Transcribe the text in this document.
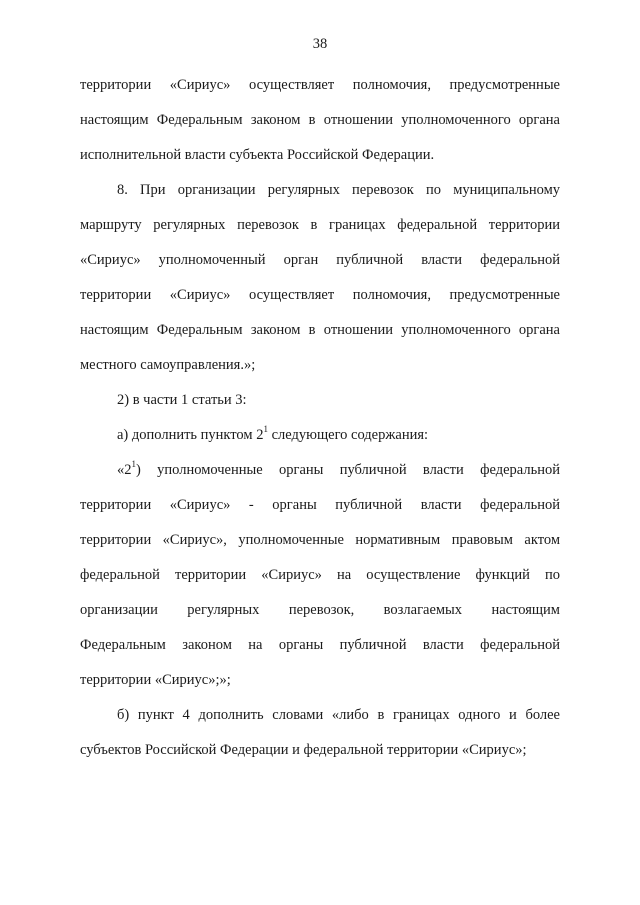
38
территории «Сириус» осуществляет полномочия, предусмотренные
настоящим Федеральным законом в отношении уполномоченного органа
исполнительной власти субъекта Российской Федерации.
8. При организации регулярных перевозок по муниципальному
маршруту регулярных перевозок в границах федеральной территории
«Сириус» уполномоченный орган публичной власти федеральной
территории «Сириус» осуществляет полномочия, предусмотренные
настоящим Федеральным законом в отношении уполномоченного органа
местного самоуправления.»;
2) в части 1 статьи 3:
а) дополнить пунктом $2^1$ следующего содержания:
«$2^1$) уполномоченные органы публичной власти федеральной
территории «Сириус» - органы публичной власти федеральной
территории «Сириус», уполномоченные нормативным правовым актом
федеральной территории «Сириус» на осуществление функций по
организации регулярных перевозок, возлагаемых настоящим
Федеральным законом на органы публичной власти федеральной
территории «Сириус»;»;
б) пункт 4 дополнить словами «либо в границах одного и более
субъектов Российской Федерации и федеральной территории «Сириус»;
